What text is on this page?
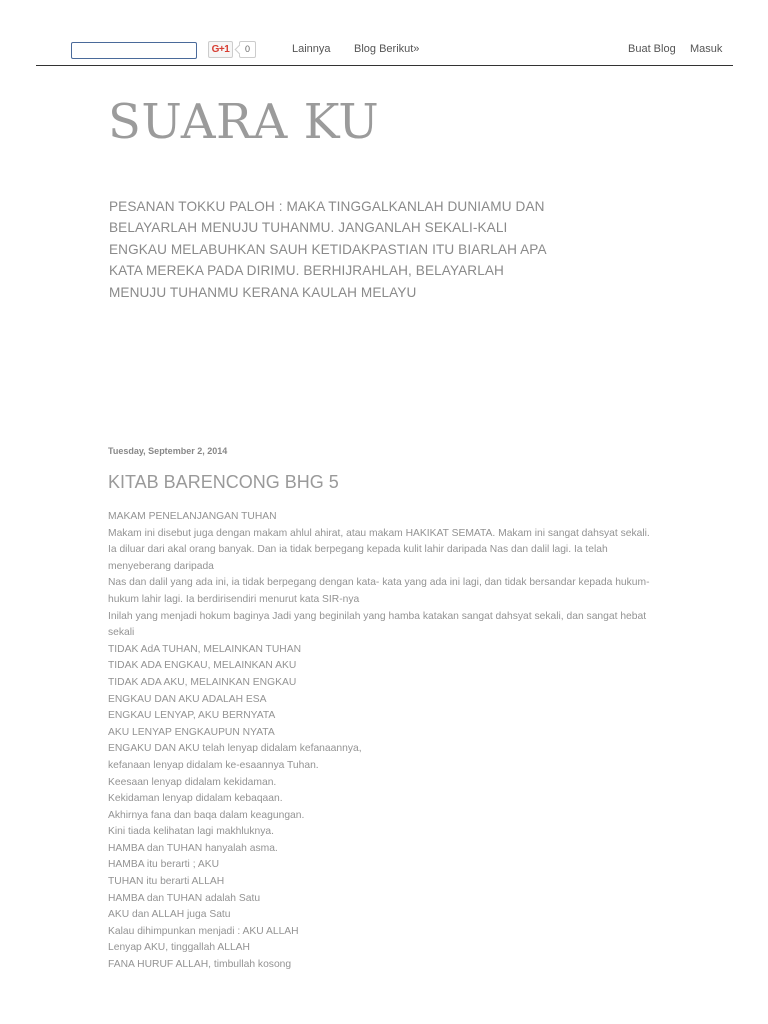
G+1	0	Lainnya Blog Berikut»	Buat Blog Masuk
SUARA KU

PESANAN TOKKU PALOH : MAKA TINGGALKANLAH DUNIAMU DAN BELAYARLAH MENUJU TUHANMU. JANGANLAH SEKALI-KALI ENGKAU MELABUHKAN SAUH KETIDAKPASTIAN ITU BIARLAH APA KATA MEREKA PADA DIRIMU. BERHIJRAHLAH, BELAYARLAH MENUJU TUHANMU KERANA KAULAH MELAYU

Tuesday, September 2, 2014
KITAB BARENCONG BHG 5
MAKAM PENELANJANGAN TUHAN
Makam ini disebut juga dengan makam ahlul ahirat, atau makam HAKIKAT SEMATA. Makam ini sangat dahsyat sekali. Ia diluar dari akal orang banyak. Dan ia tidak berpegang kepada kulit lahir daripada Nas dan dalil lagi. Ia telah menyeberang daripada
Nas dan dalil yang ada ini, ia tidak berpegang dengan kata- kata yang ada ini lagi, dan tidak bersandar kepada hukum-hukum lahir lagi. Ia berdirisendiri menurut kata SIR-nya
Inilah yang menjadi hokum baginya Jadi yang beginilah yang hamba katakan sangat dahsyat sekali, dan sangat hebat sekali
TIDAK AdA TUHAN, MELAINKAN TUHAN
TIDAK ADA ENGKAU, MELAINKAN AKU
TIDAK ADA AKU, MELAINKAN ENGKAU
ENGKAU DAN AKU ADALAH ESA
ENGKAU LENYAP, AKU BERNYATA
AKU LENYAP ENGKAUPUN NYATA
ENGAKU DAN AKU telah lenyap didalam kefanaannya,
kefanaan lenyap didalam ke-esaannya Tuhan.
Keesaan lenyap didalam kekidaman.
Kekidaman lenyap didalam kebaqaan.
Akhirnya fana dan baqa dalam keagungan.
Kini tiada kelihatan lagi makhluknya.
HAMBA dan TUHAN hanyalah asma.
HAMBA itu berarti ; AKU
TUHAN itu berarti ALLAH
HAMBA dan TUHAN adalah Satu
AKU dan ALLAH juga Satu
Kalau dihimpunkan menjadi : AKU ALLAH
Lenyap AKU, tinggallah ALLAH
FANA HURUF ALLAH, timbullah kosong
